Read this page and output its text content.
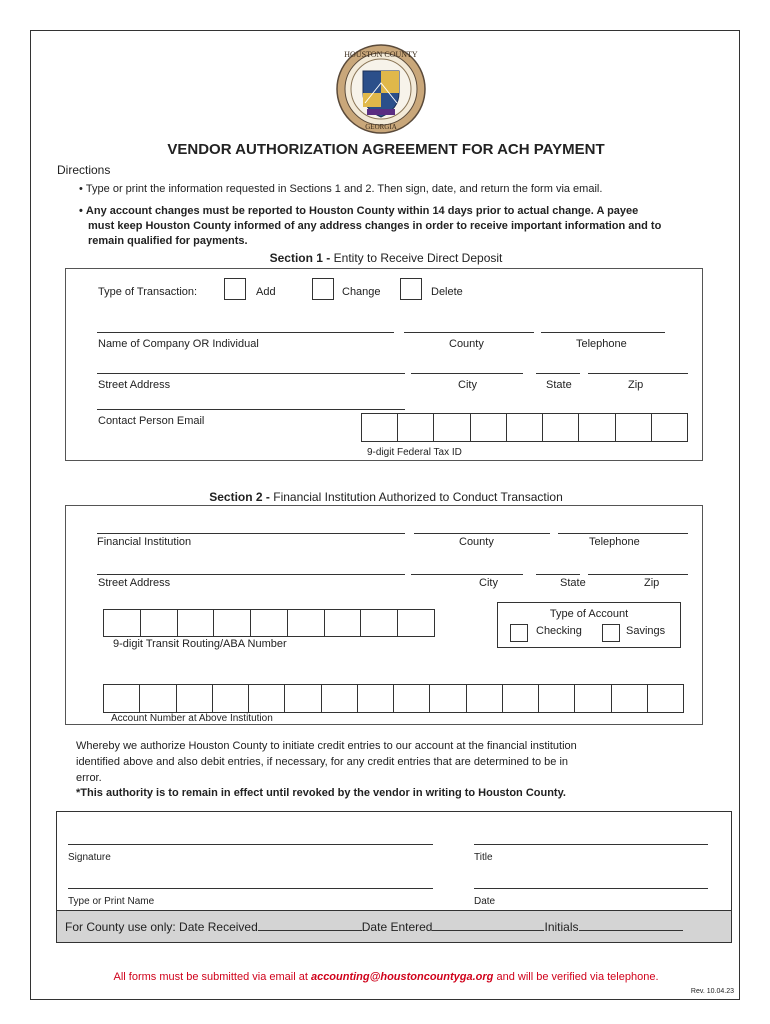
HOUSTON COUNTY
GEORGIA
VENDOR AUTHORIZATION AGREEMENT FOR ACH PAYMENT
Directions
• Type or print the information requested in Sections 1 and 2. Then sign, date, and return the form via email.
• Any account changes must be reported to Houston County within 14 days prior to actual change. A payee
must keep Houston County informed of any address changes in order to receive important information and to
remain qualified for payments.
Section 1 - Entity to Receive Direct Deposit
Type of Transaction:	Add	Change	Delete
Name of Company OR Individual	County	Telephone
Street Address	City	State	Zip
Contact Person Email
9-digit Federal Tax ID
Section 2 - Financial Institution Authorized to Conduct Transaction
Financial Institution	County	Telephone
Street Address	City	State	Zip
9-digit Transit Routing/ABA Number
Type of Account
Checking	Savings
Account Number at Above Institution
Whereby we authorize Houston County to initiate credit entries to our account at the financial institution
identified above and also debit entries, if necessary, for any credit entries that are determined to be in
error.
*This authority is to remain in effect until revoked by the vendor in writing to Houston County.
Signature	Title
Type or Print Name	Date
For County use only: Date Received	Date Entered	Initials
All forms must be submitted via email at accounting@houstoncountyga.org and will be verified via telephone.
Rev. 10.04.23
